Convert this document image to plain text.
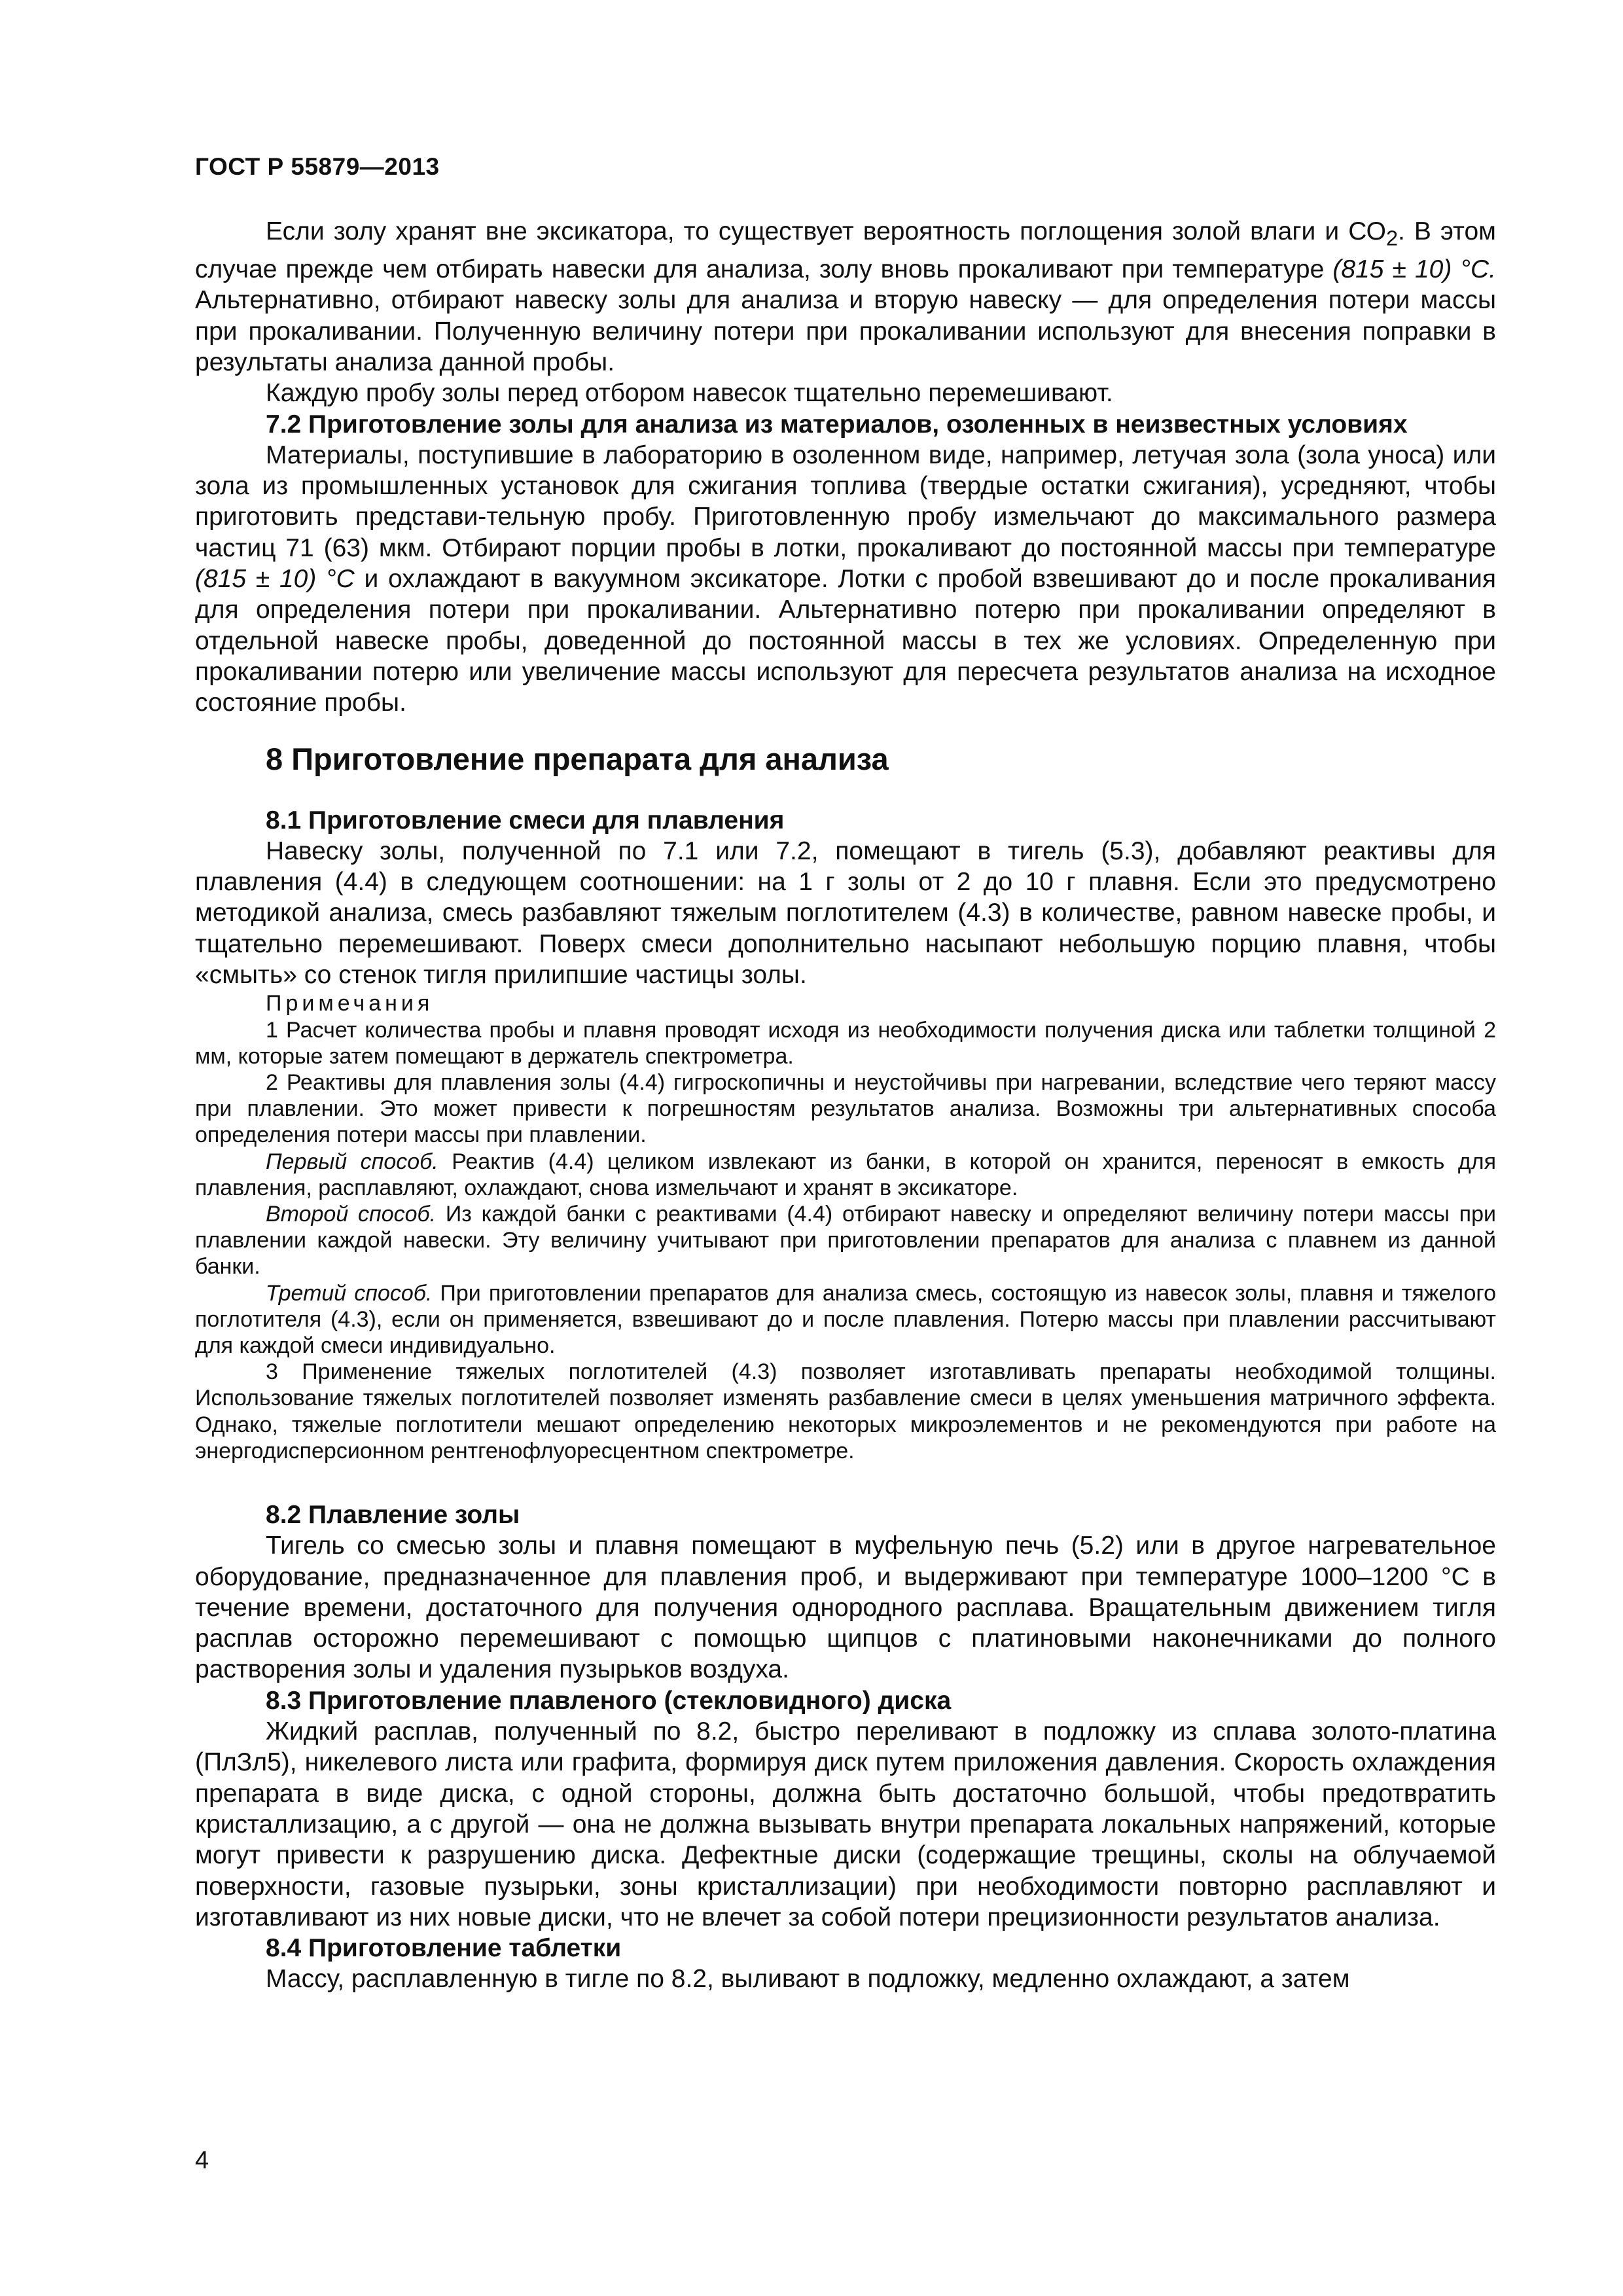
ГОСТ Р 55879—2013

Если золу хранят вне эксикатора, то существует вероятность поглощения золой влаги и $СО_2$. В этом случае прежде чем отбирать навески для анализа, золу вновь прокаливают при температуре (815 ± 10) °С. Альтернативно, отбирают навеску золы для анализа и вторую навеску — для определения потери массы при прокаливании. Полученную величину потери при прокаливании используют для внесения поправки в результаты анализа данной пробы.

Каждую пробу золы перед отбором навесок тщательно перемешивают.

7.2 Приготовление золы для анализа из материалов, озоленных в неизвестных условиях

Материалы, поступившие в лабораторию в озоленном виде, например, летучая зола (зола уноса) или зола из промышленных установок для сжигания топлива (твердые остатки сжигания), усредняют, чтобы приготовить представи-тельную пробу. Приготовленную пробу измельчают до максимального размера частиц 71 (63) мкм. Отбирают порции пробы в лотки, прокаливают до постоянной массы при температуре (815 ± 10) °С и охлаждают в вакуумном эксикаторе. Лотки с пробой взвешивают до и после прокаливания для определения потери при прокаливании. Альтернативно потерю при прокаливании определяют в отдельной навеске пробы, доведенной до постоянной массы в тех же условиях. Определенную при прокаливании потерю или увеличение массы используют для пересчета результатов анализа на исходное состояние пробы.

8 Приготовление препарата для анализа

8.1 Приготовление смеси для плавления

Навеску золы, полученной по 7.1 или 7.2, помещают в тигель (5.3), добавляют реактивы для плавления (4.4) в следующем соотношении: на 1 г золы от 2 до 10 г плавня. Если это предусмотрено методикой анализа, смесь разбавляют тяжелым поглотителем (4.3) в количестве, равном навеске пробы, и тщательно перемешивают. Поверх смеси дополнительно насыпают небольшую порцию плавня, чтобы «смыть» со стенок тигля прилипшие частицы золы.

Примечания

1 Расчет количества пробы и плавня проводят исходя из необходимости получения диска или таблетки толщиной 2 мм, которые затем помещают в держатель спектрометра.

2 Реактивы для плавления золы (4.4) гигроскопичны и неустойчивы при нагревании, вследствие чего теряют массу при плавлении. Это может привести к погрешностям результатов анализа. Возможны три альтернативных способа определения потери массы при плавлении.

Первый способ. Реактив (4.4) целиком извлекают из банки, в которой он хранится, переносят в емкость для плавления, расплавляют, охлаждают, снова измельчают и хранят в эксикаторе.

Второй способ. Из каждой банки с реактивами (4.4) отбирают навеску и определяют величину потери массы при плавлении каждой навески. Эту величину учитывают при приготовлении препаратов для анализа с плавнем из данной банки.

Третий способ. При приготовлении препаратов для анализа смесь, состоящую из навесок золы, плавня и тяжелого поглотителя (4.3), если он применяется, взвешивают до и после плавления. Потерю массы при плавлении рассчитывают для каждой смеси индивидуально.

3 Применение тяжелых поглотителей (4.3) позволяет изготавливать препараты необходимой толщины. Использование тяжелых поглотителей позволяет изменять разбавление смеси в целях уменьшения матричного эффекта. Однако, тяжелые поглотители мешают определению некоторых микроэлементов и не рекомендуются при работе на энергодисперсионном рентгенофлуоресцентном спектрометре.

8.2 Плавление золы

Тигель со смесью золы и плавня помещают в муфельную печь (5.2) или в другое нагревательное оборудование, предназначенное для плавления проб, и выдерживают при температуре 1000–1200 °С в течение времени, достаточного для получения однородного расплава. Вращательным движением тигля расплав осторожно перемешивают с помощью щипцов с платиновыми наконечниками до полного растворения золы и удаления пузырьков воздуха.

8.3 Приготовление плавленого (стекловидного) диска

Жидкий расплав, полученный по 8.2, быстро переливают в подложку из сплава золото-платина (ПлЗл5), никелевого листа или графита, формируя диск путем приложения давления. Скорость охлаждения препарата в виде диска, с одной стороны, должна быть достаточно большой, чтобы предотвратить кристаллизацию, а с другой — она не должна вызывать внутри препарата локальных напряжений, которые могут привести к разрушению диска. Дефектные диски (содержащие трещины, сколы на облучаемой поверхности, газовые пузырьки, зоны кристаллизации) при необходимости повторно расплавляют и изготавливают из них новые диски, что не влечет за собой потери прецизионности результатов анализа.

8.4 Приготовление таблетки

Массу, расплавленную в тигле по 8.2, выливают в подложку, медленно охлаждают, а затем

4
